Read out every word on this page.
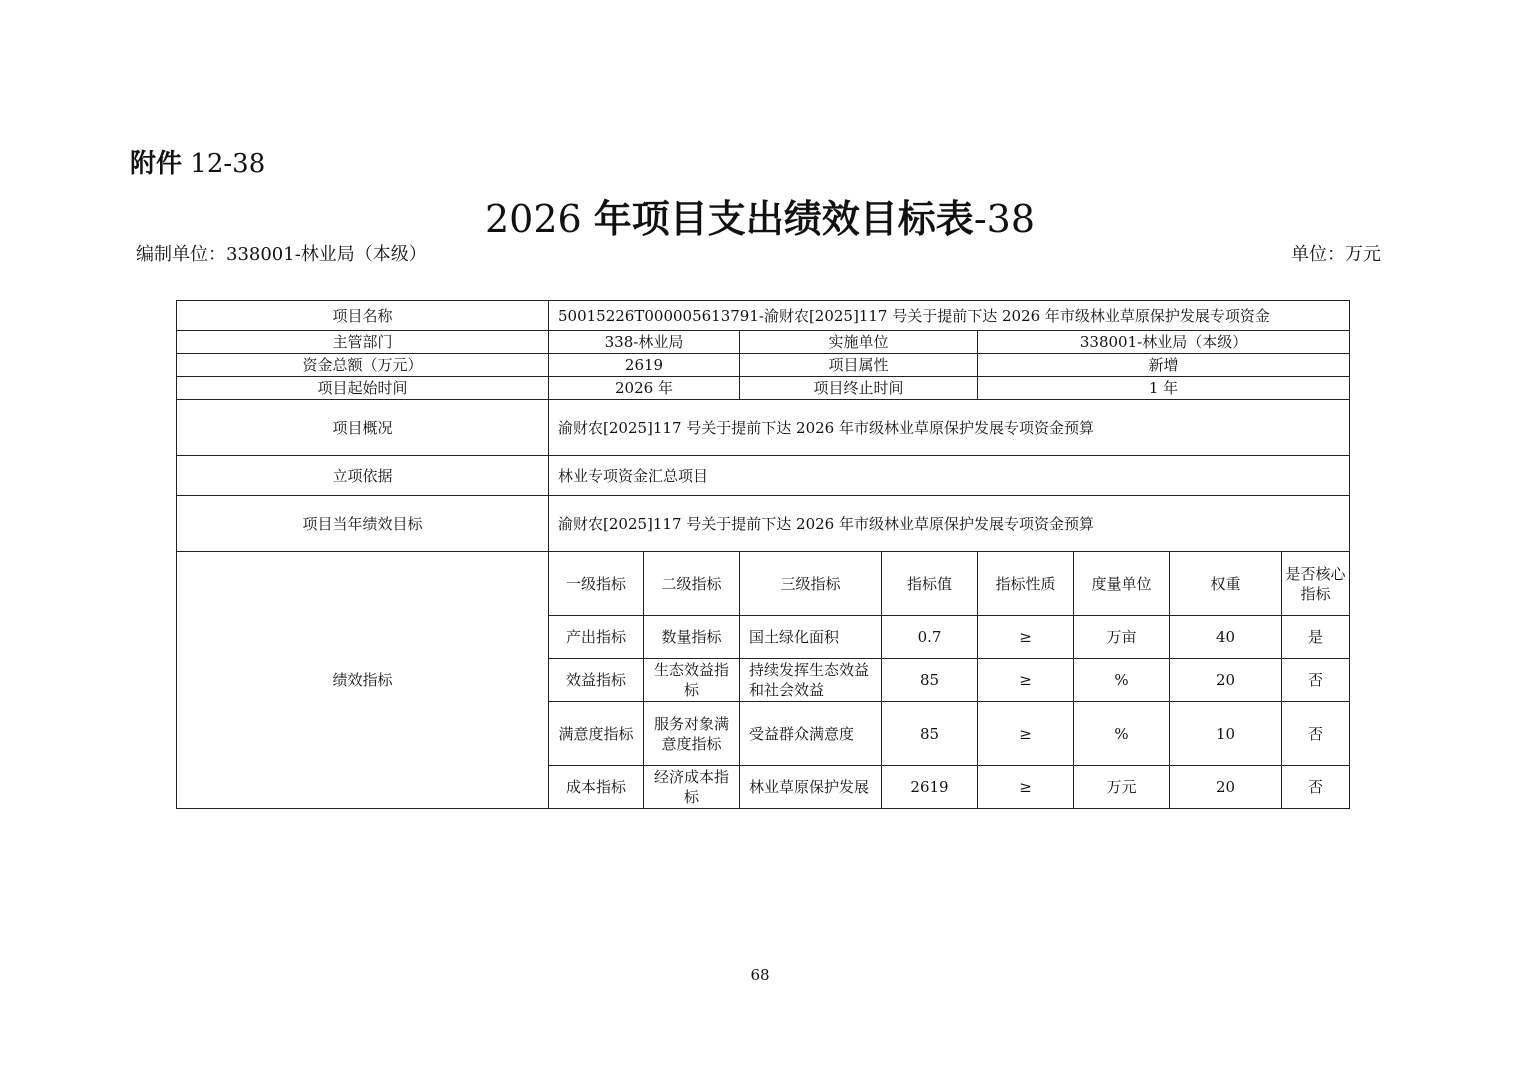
附件 12-38
2026 年项目支出绩效目标表-38
编制单位：338001-林业局（本级）	单位：万元
项目名称	50015226T000005613791-渝财农[2025]117 号关于提前下达 2026 年市级林业草原保护发展专项资金							
主管部门	338-林业局		实施单位		338001-林业局（本级）			
资金总额（万元）	2619		项目属性		新增			
项目起始时间	2026 年		项目终止时间		1 年			
项目概况	渝财农[2025]117 号关于提前下达 2026 年市级林业草原保护发展专项资金预算							
立项依据	林业专项资金汇总项目							
项目当年绩效目标	渝财农[2025]117 号关于提前下达 2026 年市级林业草原保护发展专项资金预算							
绩效指标	一级指标	二级指标	三级指标	指标值	指标性质	度量单位	权重	是否核心指标
	产出指标	数量指标	国土绿化面积	0.7	≥	万亩	40	是
	效益指标	生态效益指标	持续发挥生态效益和社会效益	85	≥	%	20	否
	满意度指标	服务对象满意度指标	受益群众满意度	85	≥	%	10	否
	成本指标	经济成本指标	林业草原保护发展	2619	≥	万元	20	否
68
